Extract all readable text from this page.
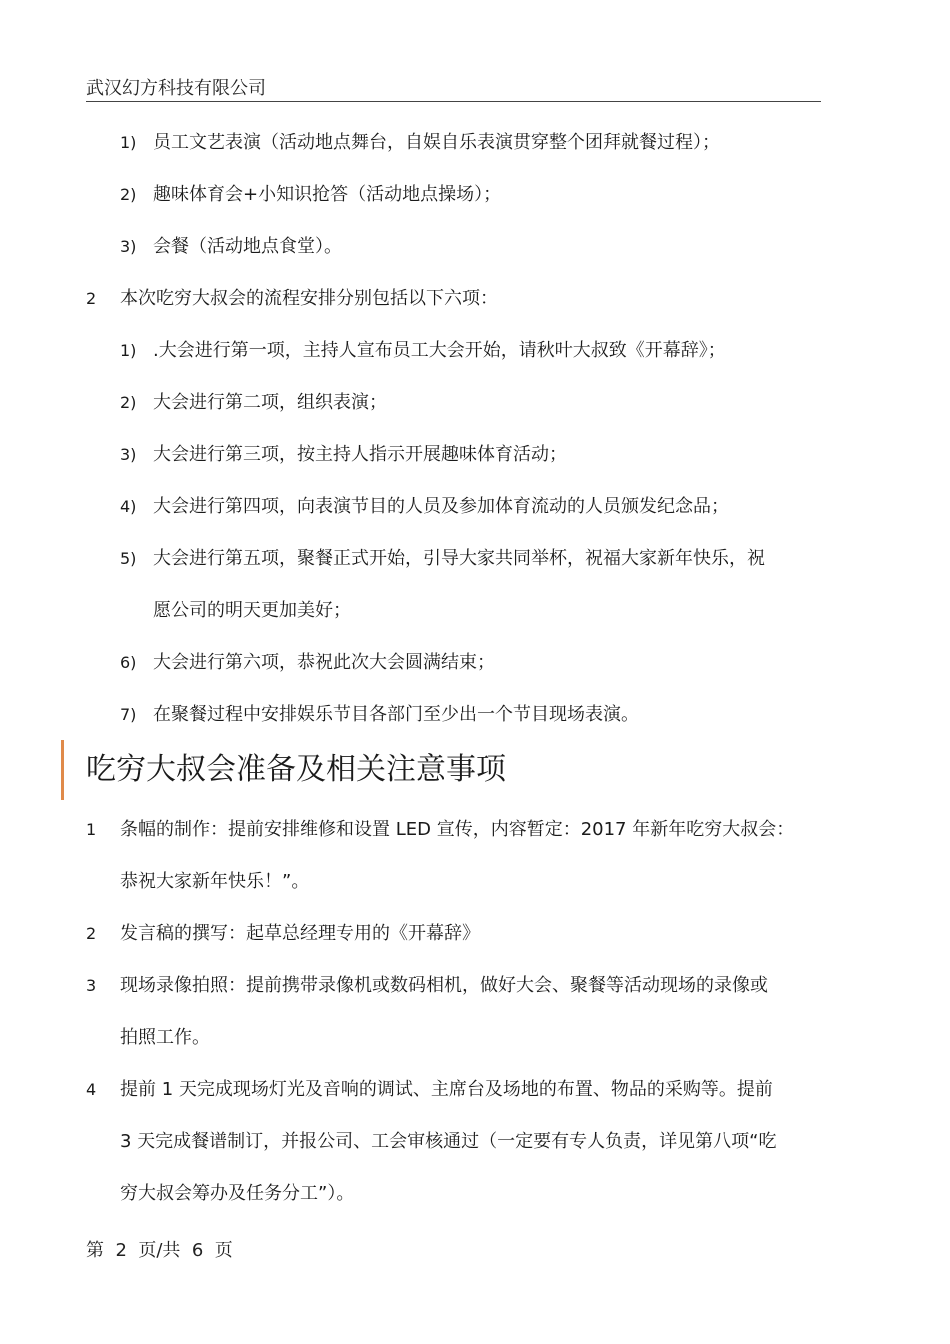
武汉幻方科技有限公司
1) 员工文艺表演（活动地点舞台，自娱自乐表演贯穿整个团拜就餐过程）；
2) 趣味体育会+小知识抢答（活动地点操场）；
3) 会餐（活动地点食堂）。
2 本次吃穷大叔会的流程安排分别包括以下六项：
1) .大会进行第一项，主持人宣布员工大会开始，请秋叶大叔致《开幕辞》；
2) 大会进行第二项，组织表演；
3) 大会进行第三项，按主持人指示开展趣味体育活动；
4) 大会进行第四项，向表演节目的人员及参加体育流动的人员颁发纪念品；
5) 大会进行第五项，聚餐正式开始，引导大家共同举杯，祝福大家新年快乐，祝
愿公司的明天更加美好；
6) 大会进行第六项，恭祝此次大会圆满结束；
7) 在聚餐过程中安排娱乐节目各部门至少出一个节目现场表演。
吃穷大叔会准备及相关注意事项
1 条幅的制作：提前安排维修和设置 LED 宣传，内容暂定：2017 年新年吃穷大叔会：
恭祝大家新年快乐！”。
2 发言稿的撰写：起草总经理专用的《开幕辞》
3 现场录像拍照：提前携带录像机或数码相机，做好大会、聚餐等活动现场的录像或
拍照工作。
4 提前 1 天完成现场灯光及音响的调试、主席台及场地的布置、物品的采购等。提前
3 天完成餐谱制订，并报公司、工会审核通过（一定要有专人负责，详见第八项“吃
穷大叔会筹办及任务分工”）。
第  2  页/共  6  页
